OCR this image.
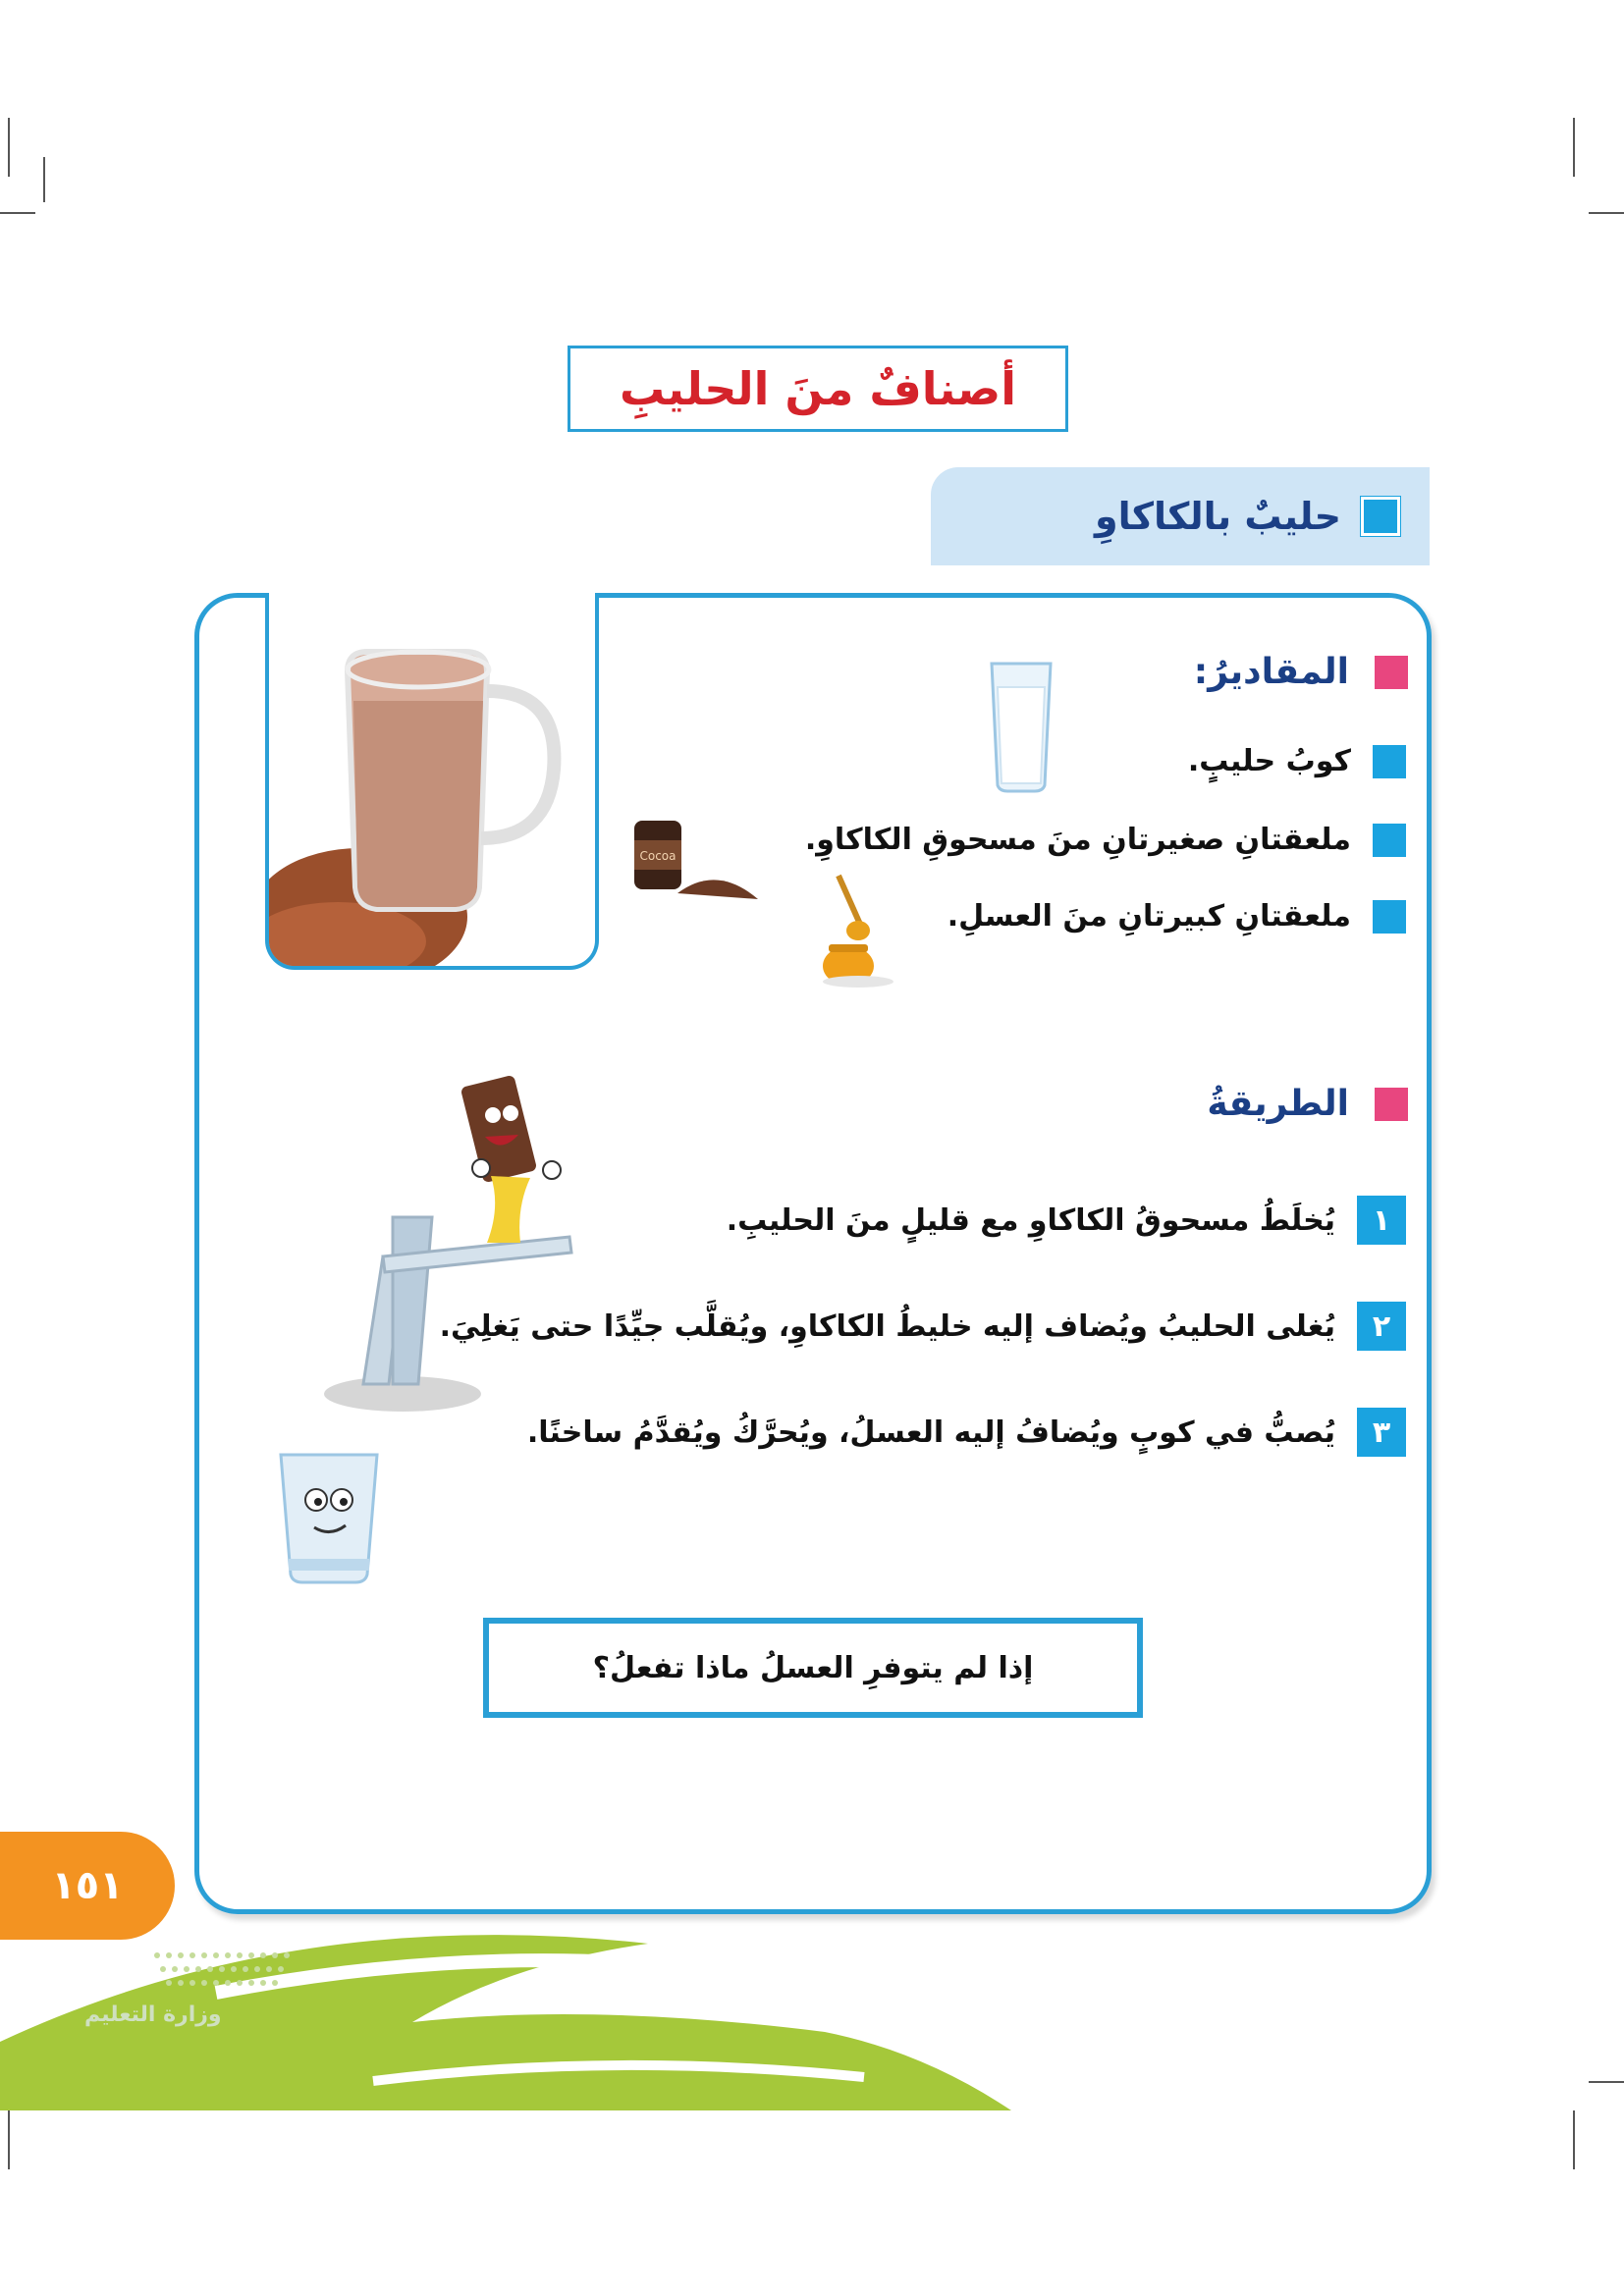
أصنافٌ منَ الحليبِ
حليبٌ بالكاكاوِ
المقاديرُ:
كوبُ حليبٍ.
ملعقتانِ صغيرتانِ منَ مسحوقِ الكاكاوِ.
ملعقتانِ كبيرتانِ منَ العسلِ.
Cocoa
الطريقةُ
١
يُخلَطُ مسحوقُ الكاكاوِ مع قليلٍ منَ الحليبِ.
٢
يُغلى الحليبُ ويُضاف إليه خليطُ الكاكاوِ، ويُقلَّب جيِّدًا حتى يَغلِيَ.
٣
يُصبُّ في كوبٍ ويُضافُ إليه العسلُ، ويُحرَّكُ ويُقدَّمُ ساخنًا.
إذا لم يتوفرِ العسلُ ماذا تفعلُ؟
١٥١
وزارة التعليم
